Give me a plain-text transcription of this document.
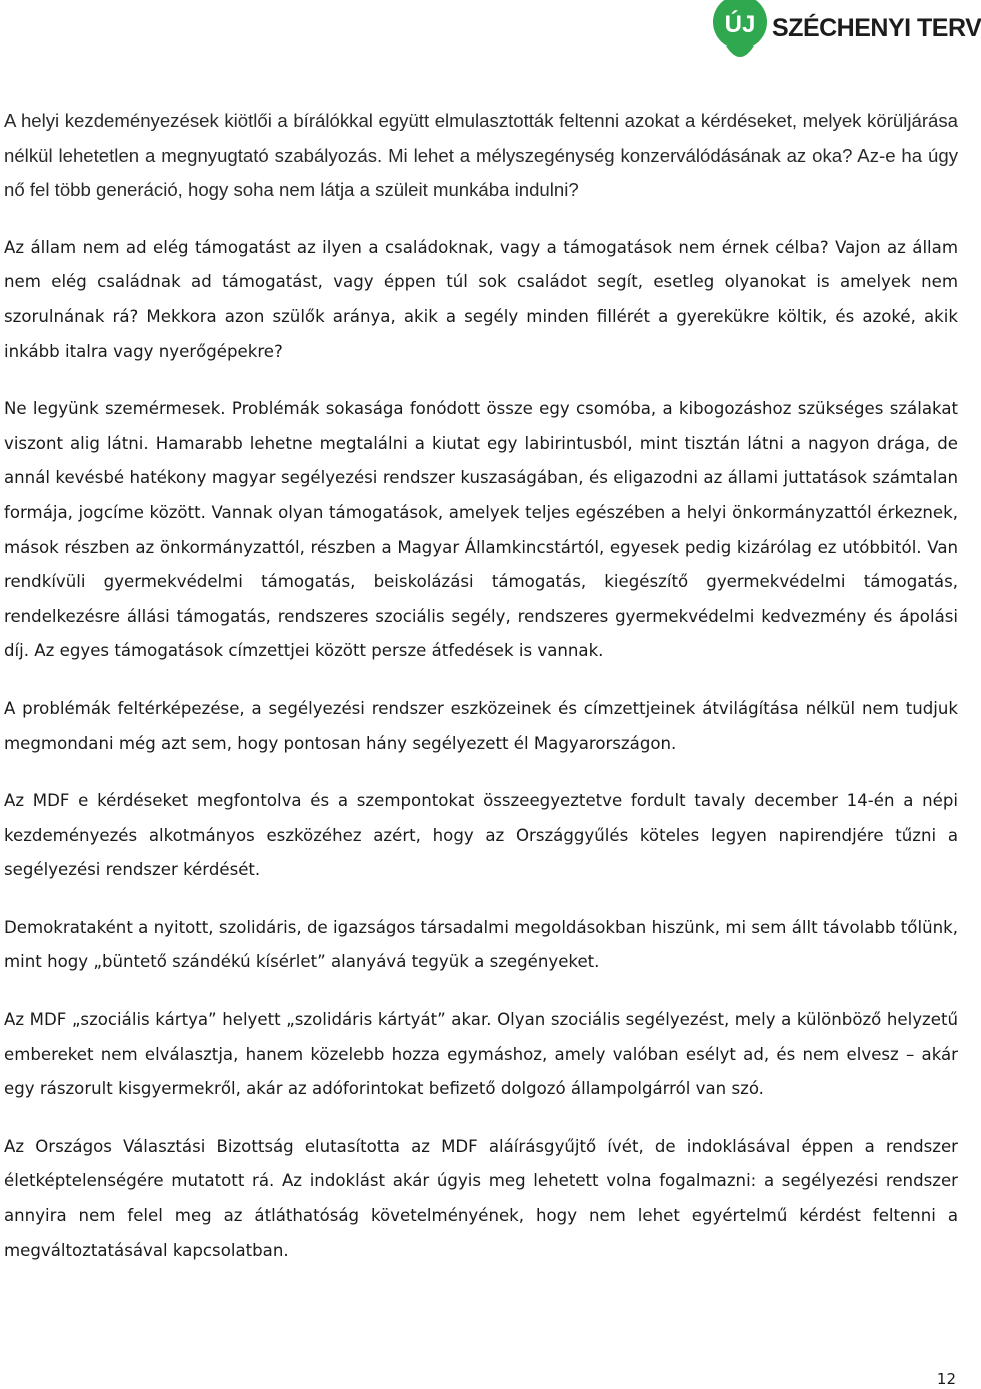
ÚJ SZÉCHENYI TERV

A helyi kezdeményezések kiötlői a bírálókkal együtt elmulasztották feltenni azokat a kérdéseket, melyek körüljárása nélkül lehetetlen a megnyugtató szabályozás. Mi lehet a mélyszegénység konzerválódásának az oka? Az-e ha úgy nő fel több generáció, hogy soha nem látja a szüleit munkába indulni?

Az állam nem ad elég támogatást az ilyen a családoknak, vagy a támogatások nem érnek célba? Vajon az állam nem elég családnak ad támogatást, vagy éppen túl sok családot segít, esetleg olyanokat is amelyek nem szorulnának rá? Mekkora azon szülők aránya, akik a segély minden fillérét a gyerekükre költik, és azoké, akik inkább italra vagy nyerőgépekre?

Ne legyünk szemérmesek. Problémák sokasága fonódott össze egy csomóba, a kibogozáshoz szükséges szálakat viszont alig látni. Hamarabb lehetne megtalálni a kiutat egy labirintusból, mint tisztán látni a nagyon drága, de annál kevésbé hatékony magyar segélyezési rendszer kuszaságában, és eligazodni az állami juttatások számtalan formája, jogcíme között. Vannak olyan támogatások, amelyek teljes egészében a helyi önkormányzattól érkeznek, mások részben az önkormányzattól, részben a Magyar Államkincstártól, egyesek pedig kizárólag ez utóbbitól. Van rendkívüli gyermekvédelmi támogatás, beiskolázási támogatás, kiegészítő gyermekvédelmi támogatás, rendelkezésre állási támogatás, rendszeres szociális segély, rendszeres gyermekvédelmi kedvezmény és ápolási díj. Az egyes támogatások címzettjei között persze átfedések is vannak.

A problémák feltérképezése, a segélyezési rendszer eszközeinek és címzettjeinek átvilágítása nélkül nem tudjuk megmondani még azt sem, hogy pontosan hány segélyezett él Magyarországon.

Az MDF e kérdéseket megfontolva és a szempontokat összeegyeztetve fordult tavaly december 14-én a népi kezdeményezés alkotmányos eszközéhez azért, hogy az Országgyűlés köteles legyen napirendjére tűzni a segélyezési rendszer kérdését.

Demokrataként a nyitott, szolidáris, de igazságos társadalmi megoldásokban hiszünk, mi sem állt távolabb tőlünk, mint hogy „büntető szándékú kísérlet” alanyává tegyük a szegényeket.

Az MDF „szociális kártya” helyett „szolidáris kártyát” akar. Olyan szociális segélyezést, mely a különböző helyzetű embereket nem elválasztja, hanem közelebb hozza egymáshoz, amely valóban esélyt ad, és nem elvesz – akár egy rászorult kisgyermekről, akár az adóforintokat befizető dolgozó állampolgárról van szó.

Az Országos Választási Bizottság elutasította az MDF aláírásgyűjtő ívét, de indoklásával éppen a rendszer életképtelenségére mutatott rá. Az indoklást akár úgyis meg lehetett volna fogalmazni: a segélyezési rendszer annyira nem felel meg az átláthatóság követelményének, hogy nem lehet egyértelmű kérdést feltenni a megváltoztatásával kapcsolatban.

12
